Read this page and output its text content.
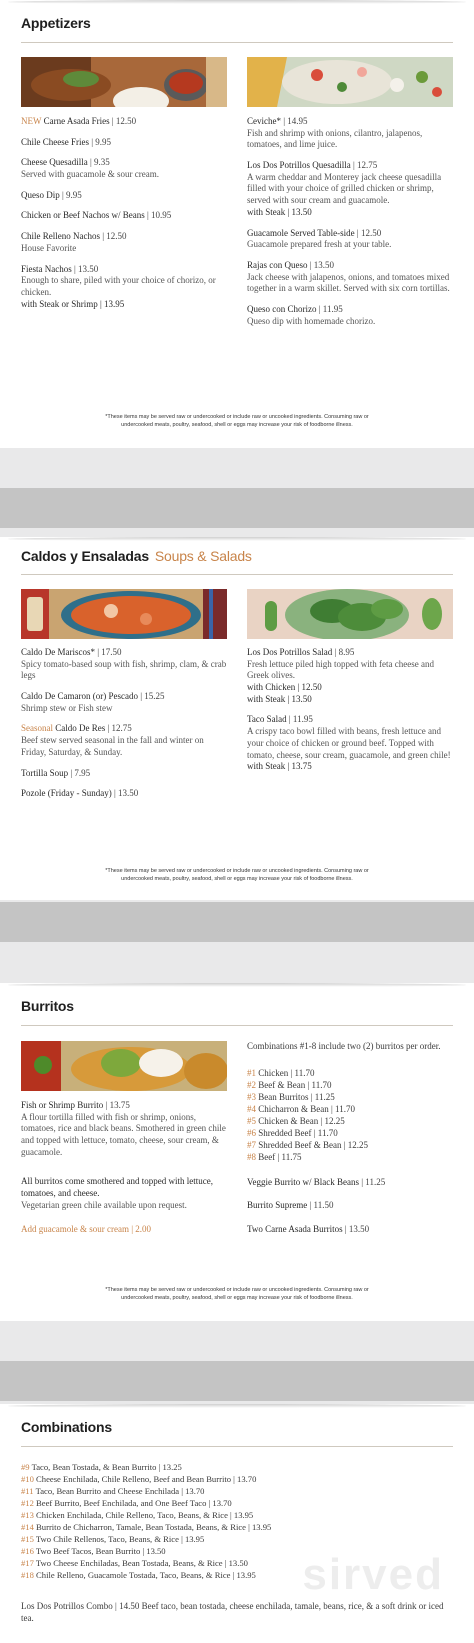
Appetizers
NEW Carne Asada Fries | 12.50
Chile Cheese Fries | 9.95
Cheese Quesadilla | 9.35
Served with guacamole & sour cream.
Queso Dip | 9.95
Chicken or Beef Nachos w/ Beans | 10.95
Chile Relleno Nachos | 12.50
House Favorite
Fiesta Nachos | 13.50
Enough to share, piled with your choice of chorizo, or chicken.
with Steak or Shrimp | 13.95
Ceviche* | 14.95
Fish and shrimp with onions, cilantro, jalapenos, tomatoes, and lime juice.
Los Dos Potrillos Quesadilla | 12.75
A warm cheddar and Monterey jack cheese quesadilla filled with your choice of grilled chicken or shrimp, served with sour cream and guacamole.
with Steak | 13.50
Guacamole Served Table-side | 12.50
Guacamole prepared fresh at your table.
Rajas con Queso | 13.50
Jack cheese with jalapenos, onions, and tomatoes mixed together in a warm skillet. Served with six corn tortillas.
Queso con Chorizo | 11.95
Queso dip with homemade chorizo.
*These items may be served raw or undercooked or include raw or uncooked ingredients. Consuming raw or
undercooked meats, poultry, seafood, shell or eggs may increase your risk of foodborne illness.
Caldos y Ensaladas Soups & Salads
Caldo De Mariscos* | 17.50
Spicy tomato-based soup with fish, shrimp, clam, & crab legs
Caldo De Camaron (or) Pescado | 15.25
Shrimp stew or Fish stew
Seasonal Caldo De Res | 12.75
Beef stew served seasonal in the fall and winter on Friday, Saturday, & Sunday.
Tortilla Soup | 7.95
Pozole (Friday - Sunday) | 13.50
Los Dos Potrillos Salad | 8.95
Fresh lettuce piled high topped with feta cheese and Greek olives.
with Chicken | 12.50
with Steak | 13.50
Taco Salad | 11.95
A crispy taco bowl filled with beans, fresh lettuce and your choice of chicken or ground beef. Topped with tomato, cheese, sour cream, guacamole, and green chile!
with Steak | 13.75
*These items may be served raw or undercooked or include raw or uncooked ingredients. Consuming raw or
undercooked meats, poultry, seafood, shell or eggs may increase your risk of foodborne illness.
Burritos
Fish or Shrimp Burrito | 13.75
A flour tortilla filled with fish or shrimp, onions, tomatoes, rice and black beans. Smothered in green chile and topped with lettuce, tomato, cheese, sour cream, & guacamole.
All burritos come smothered and topped with lettuce, tomatoes, and cheese.
Vegetarian green chile available upon request.
Add guacamole & sour cream | 2.00
Combinations #1-8 include two (2) burritos per order.
#1 Chicken | 11.70
#2 Beef & Bean | 11.70
#3 Bean Burritos | 11.25
#4 Chicharron & Bean | 11.70
#5 Chicken & Bean | 12.25
#6 Shredded Beef | 11.70
#7 Shredded Beef & Bean | 12.25
#8 Beef | 11.75
Veggie Burrito w/ Black Beans | 11.25
Burrito Supreme | 11.50
Two Carne Asada Burritos | 13.50
*These items may be served raw or undercooked or include raw or uncooked ingredients. Consuming raw or
undercooked meats, poultry, seafood, shell or eggs may increase your risk of foodborne illness.
sirved
Combinations
#9 Taco, Bean Tostada, & Bean Burrito | 13.25
#10 Cheese Enchilada, Chile Relleno, Beef and Bean Burrito | 13.70
#11 Taco, Bean Burrito and Cheese Enchilada | 13.70
#12 Beef Burrito, Beef Enchilada, and One Beef Taco | 13.70
#13 Chicken Enchilada, Chile Relleno, Taco, Beans, & Rice | 13.95
#14 Burrito de Chicharron, Tamale, Bean Tostada, Beans, & Rice | 13.95
#15 Two Chile Rellenos, Taco, Beans, & Rice | 13.95
#16 Two Beef Tacos, Bean Burrito | 13.50
#17 Two Cheese Enchiladas, Bean Tostada, Beans, & Rice | 13.50
#18 Chile Relleno, Guacamole Tostada, Taco, Beans, & Rice | 13.95
Los Dos Potrillos Combo | 14.50 Beef taco, bean tostada, cheese enchilada, tamale, beans, rice, & a soft drink or iced tea.
